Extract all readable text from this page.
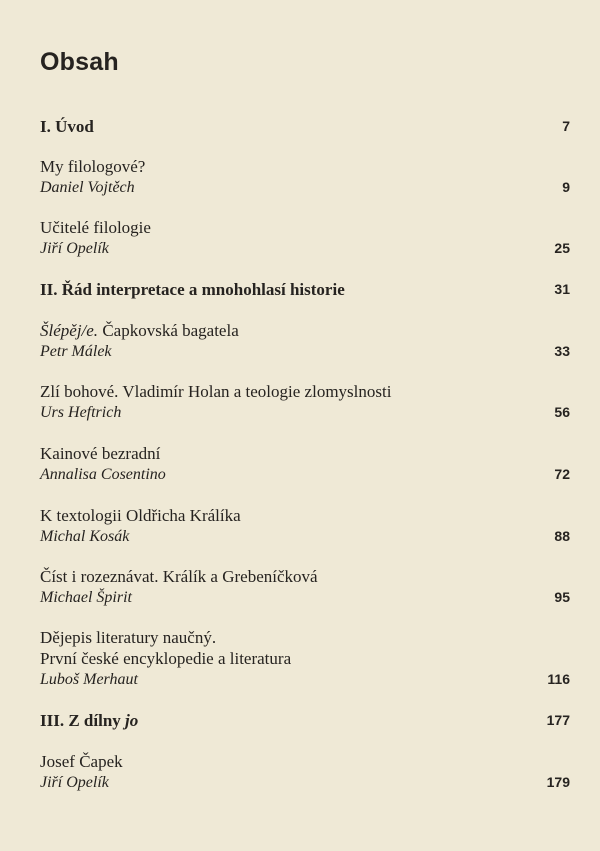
Obsah
I. Úvod	7
My filologové?
Daniel Vojtěch	9
Učitelé filologie
Jiří Opelík	25
II. Řád interpretace a mnohohlasí historie	31
Šlépěj/e. Čapkovská bagatela
Petr Málek	33
Zlí bohové. Vladimír Holan a teologie zlomyslnosti
Urs Heftrich	56
Kainové bezradní
Annalisa Cosentino	72
K textologii Oldřicha Králíka
Michal Kosák	88
Číst i rozeznávat. Králík a Grebeníčková
Michael Špirit	95
Dějepis literatury naučný.
První české encyklopedie a literatura
Luboš Merhaut	116
III. Z dílny jo	177
Josef Čapek
Jiří Opelík	179
